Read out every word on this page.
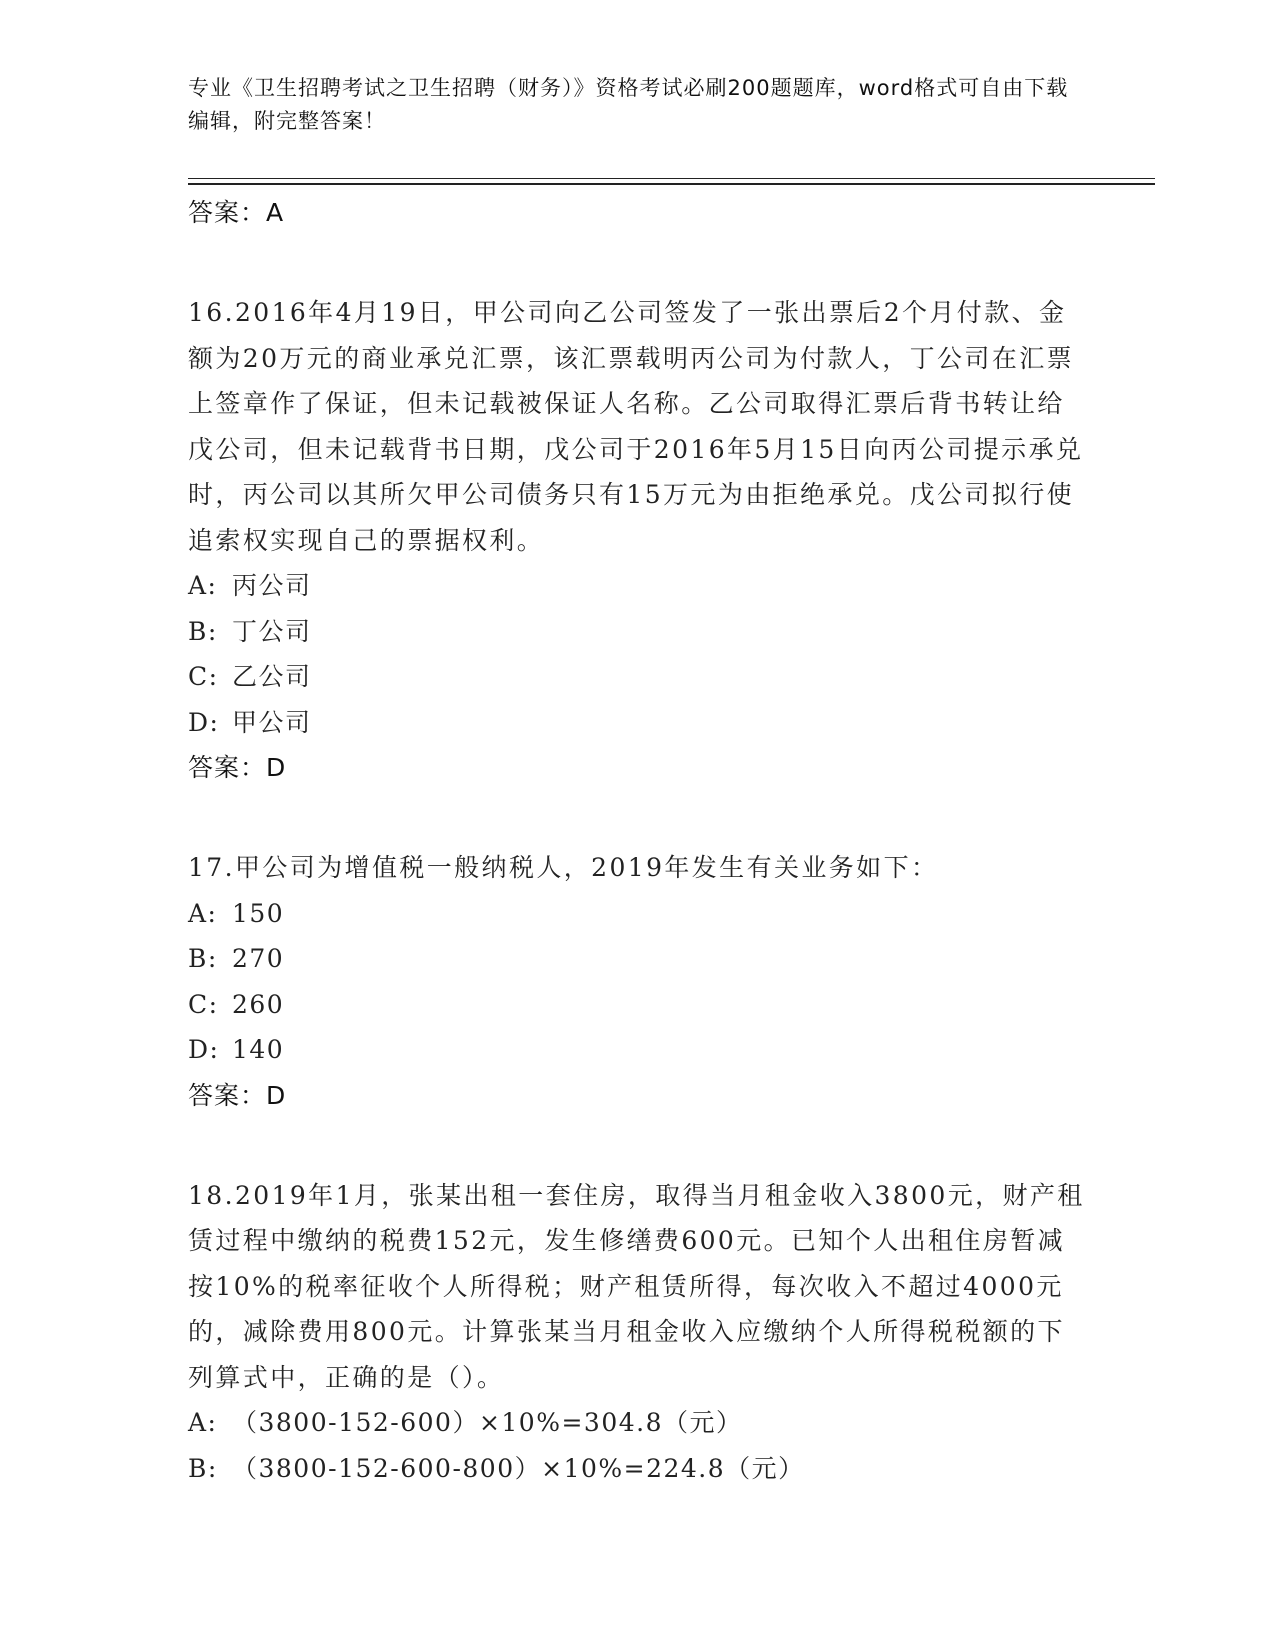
专业《卫生招聘考试之卫生招聘（财务）》资格考试必刷200题题库，word格式可自由下载编辑，附完整答案！
答案：A
16.2016年4月19日，甲公司向乙公司签发了一张出票后2个月付款、金额为20万元的商业承兑汇票，该汇票载明丙公司为付款人，丁公司在汇票上签章作了保证，但未记载被保证人名称。乙公司取得汇票后背书转让给戊公司，但未记载背书日期，戊公司于2016年5月15日向丙公司提示承兑时，丙公司以其所欠甲公司债务只有15万元为由拒绝承兑。戊公司拟行使追索权实现自己的票据权利。
A: 丙公司
B: 丁公司
C: 乙公司
D: 甲公司
答案：D
17.甲公司为增值税一般纳税人，2019年发生有关业务如下：
A: 150
B: 270
C: 260
D: 140
答案：D
18.2019年1月，张某出租一套住房，取得当月租金收入3800元，财产租赁过程中缴纳的税费152元，发生修缮费600元。已知个人出租住房暂减按10%的税率征收个人所得税；财产租赁所得，每次收入不超过4000元的，减除费用800元。计算张某当月租金收入应缴纳个人所得税税额的下列算式中，正确的是（）。
A: （3800-152-600）×10%=304.8（元）
B: （3800-152-600-800）×10%=224.8（元）
